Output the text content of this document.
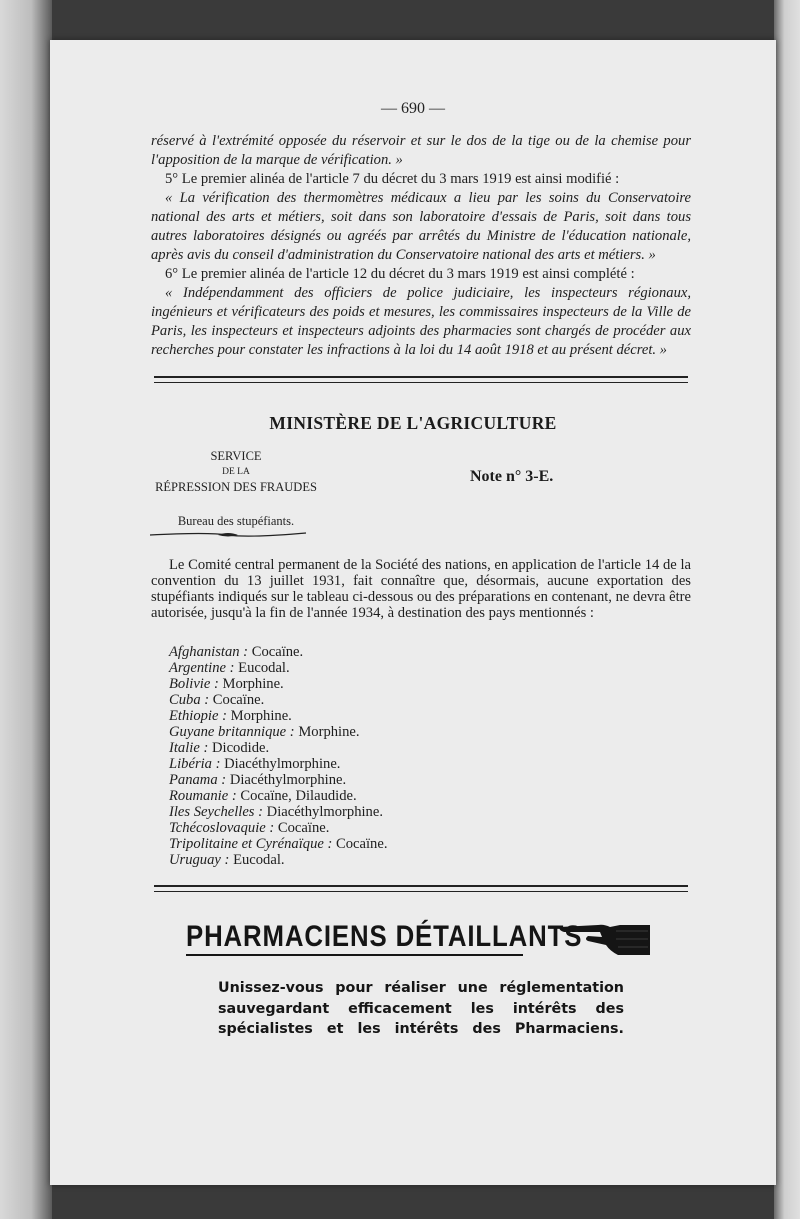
— 690 —

réservé à l'extrémité opposée du réservoir et sur le dos de la tige ou de la chemise pour l'apposition de la marque de vérification. »

5° Le premier alinéa de l'article 7 du décret du 3 mars 1919 est ainsi modifié :

« La vérification des thermomètres médicaux a lieu par les soins du Conservatoire national des arts et métiers, soit dans son laboratoire d'essais de Paris, soit dans tous autres laboratoires désignés ou agréés par arrêtés du Ministre de l'éducation nationale, après avis du conseil d'administration du Conservatoire national des arts et métiers. »

6° Le premier alinéa de l'article 12 du décret du 3 mars 1919 est ainsi complété :

« Indépendamment des officiers de police judiciaire, les inspecteurs régionaux, ingénieurs et vérificateurs des poids et mesures, les commissaires inspecteurs de la Ville de Paris, les inspecteurs et inspecteurs adjoints des pharmacies sont chargés de procéder aux recherches pour constater les infractions à la loi du 14 août 1918 et au présent décret. »

MINISTÈRE DE L'AGRICULTURE
SERVICE
DE LA
RÉPRESSION DES FRAUDES
Note n° 3-E.
Bureau des stupéfiants.

Le Comité central permanent de la Société des nations, en application de l'article 14 de la convention du 13 juillet 1931, fait connaître que, désormais, aucune exportation des stupéfiants indiqués sur le tableau ci-dessous ou des préparations en contenant, ne devra être autorisée, jusqu'à la fin de l'année 1934, à destination des pays mentionnés :

Afghanistan : Cocaïne.
Argentine : Eucodal.
Bolivie : Morphine.
Cuba : Cocaïne.
Ethiopie : Morphine.
Guyane britannique : Morphine.
Italie : Dicodide.
Libéria : Diacéthylmorphine.
Panama : Diacéthylmorphine.
Roumanie : Cocaïne, Dilaudide.
Iles Seychelles : Diacéthylmorphine.
Tchécoslovaquie : Cocaïne.
Tripolitaine et Cyrénaïque : Cocaïne.
Uruguay : Eucodal.
PHARMACIENS DÉTAILLANTS
Unissez-vous pour réaliser une réglementation sauvegardant efficacement les intérêts des spécialistes et les intérêts des Pharmaciens.
